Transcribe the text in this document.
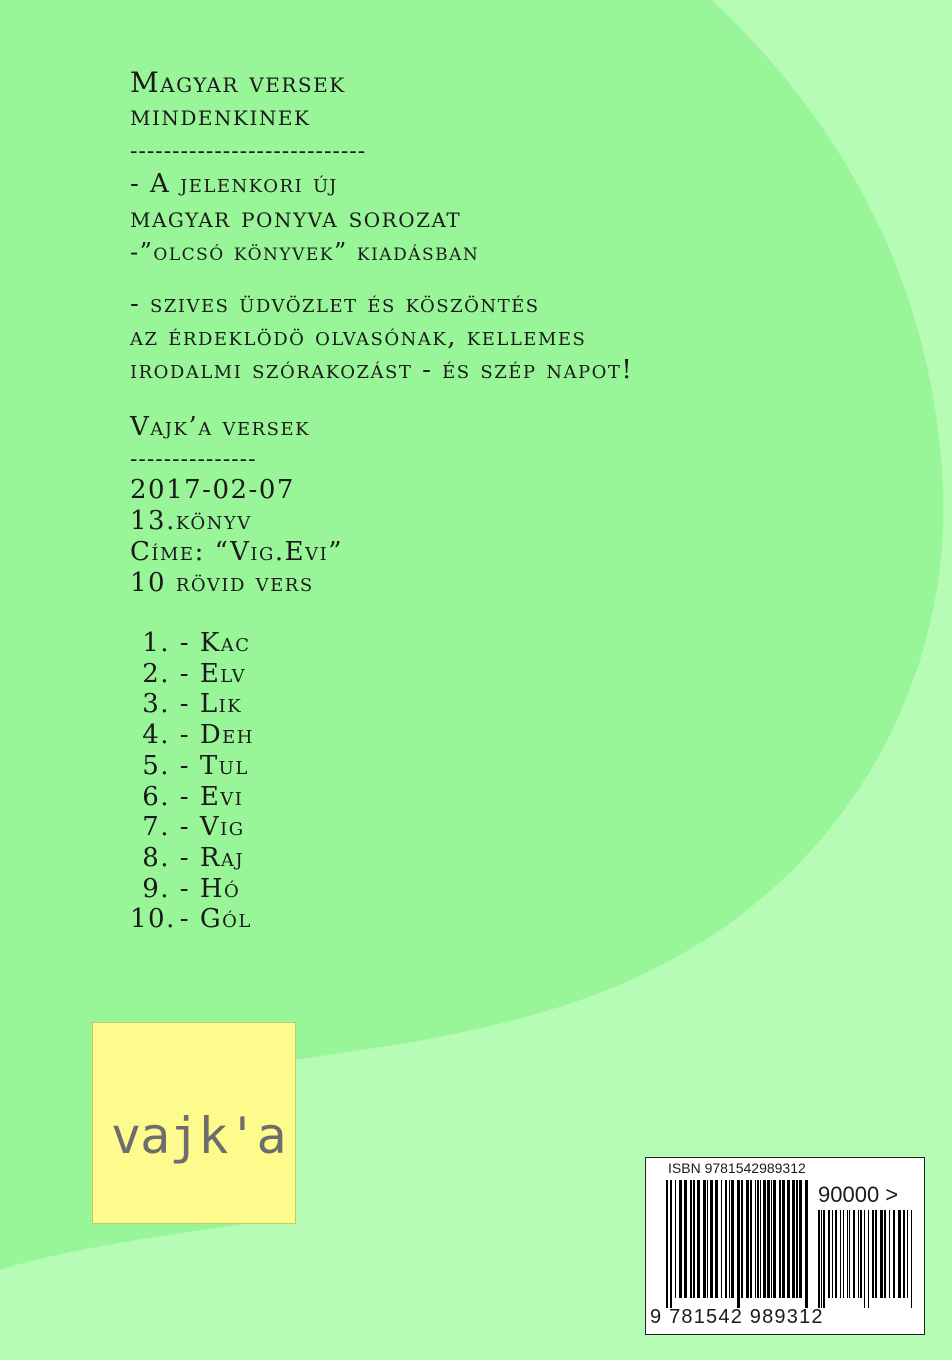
Magyar versek
mindenkinek
----------------------------

- A jelenkori új
magyar ponyva sorozat
-”olcsó könyvek” kiadásban

- szives üdvözlet és köszöntés
az érdeklödö olvasónak, kellemes
irodalmi szórakozást - és szép napot!

Vajk’a versek
---------------
2017-02-07
13.könyv
Címe: “Vig.Evi”
10 rövid vers

1. - Kac
2. - Elv
3. - Lik
4. - Deh
5. - Tul
6. - Evi
7. - Vig
8. - Raj
9. - Hó
10. - Gól
vajk'a
ISBN 9781542989312
90000 >
9 781542 989312
